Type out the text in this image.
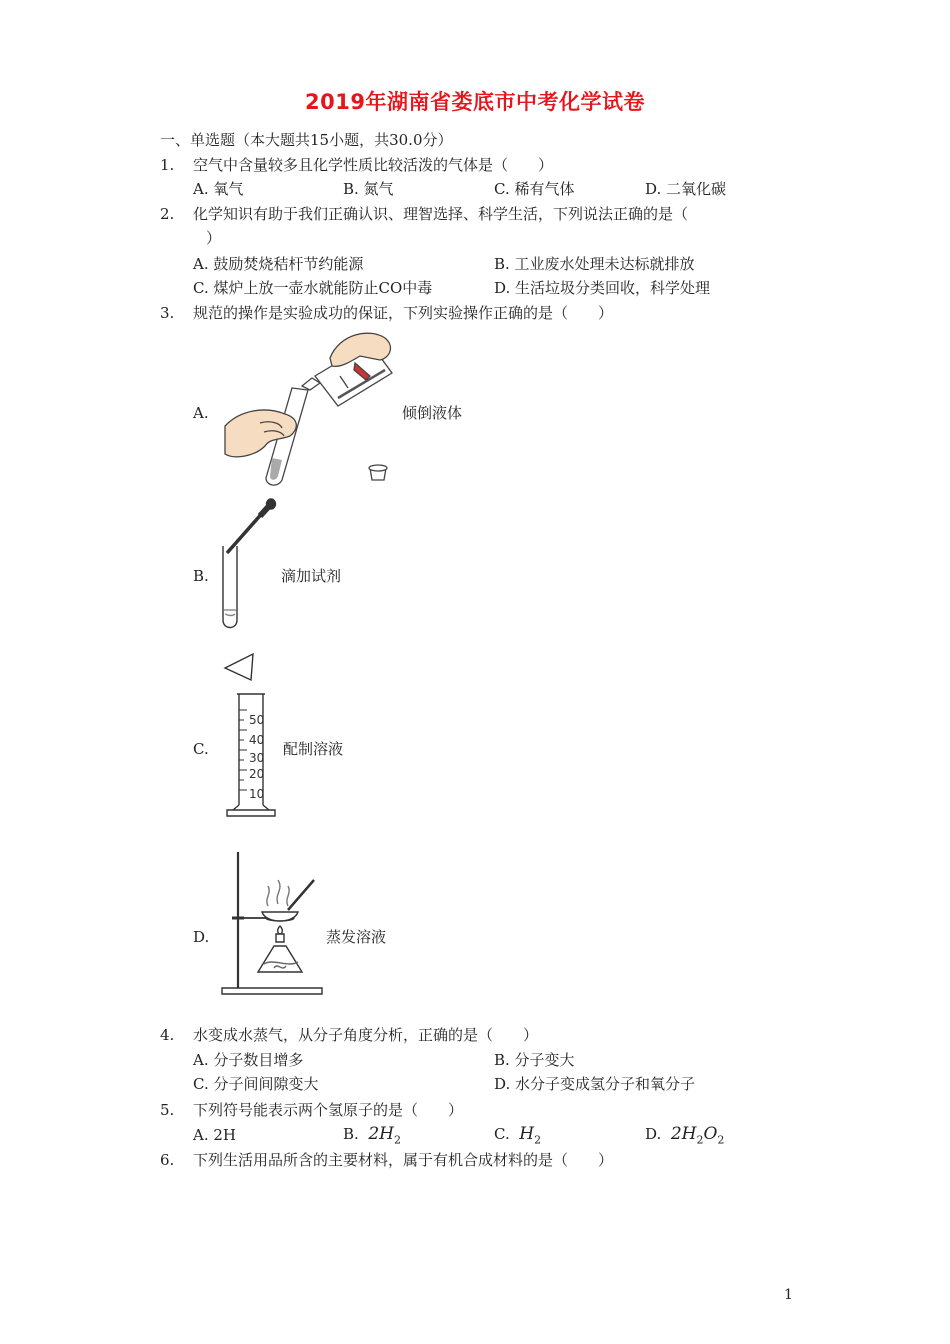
2019年湖南省娄底市中考化学试卷
一、单选题（本大题共15小题，共30.0分）
1. 空气中含量较多且化学性质比较活泼的气体是（　　）
A. 氧气	B. 氮气	C. 稀有气体	D. 二氧化碳
2. 化学知识有助于我们正确认识、理智选择、科学生活，下列说法正确的是（
）
A. 鼓励焚烧秸杆节约能源	B. 工业废水处理未达标就排放
C. 煤炉上放一壶水就能防止CO中毒	D. 生活垃圾分类回收，科学处理
3. 规范的操作是实验成功的保证，下列实验操作正确的是（　　）
A.	倾倒液体
B.	滴加试剂
C.
50
40
30
20
10
配制溶液
D.	蒸发溶液
4. 水变成水蒸气，从分子角度分析，正确的是（　　）
A. 分子数目增多	B. 分子变大
C. 分子间间隙变大	D. 水分子变成氢分子和氧分子
5. 下列符号能表示两个氢原子的是（　　）
A. 2H	B. $2H_2$	C. $H_2$	D. $2H_2O_2$
6. 下列生活用品所含的主要材料，属于有机合成材料的是（　　）
1
